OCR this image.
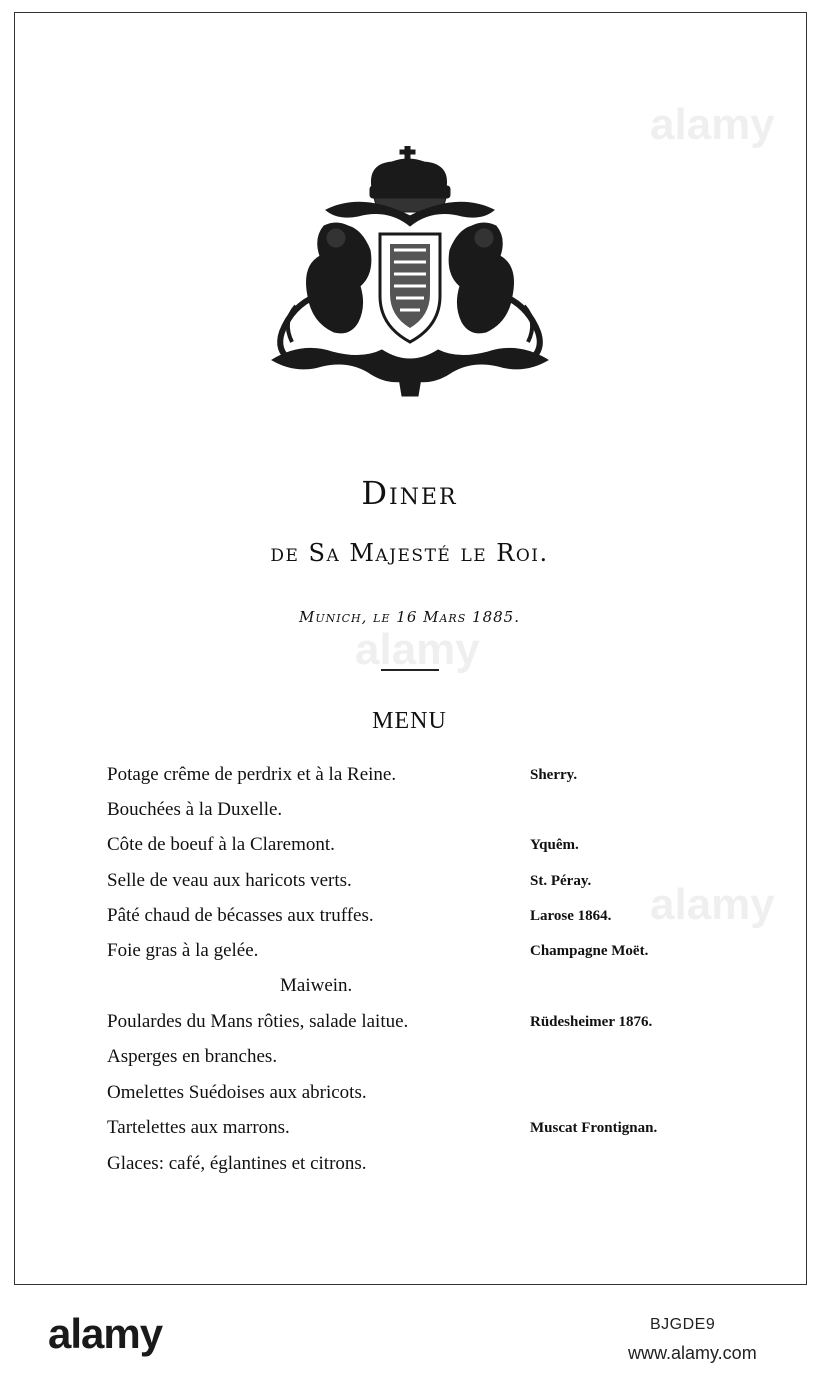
Diner
de Sa Majesté le Roi.
Munich, le 16 Mars 1885.
MENU
Potage crême de perdrix et à la Reine.	Sherry.
Bouchées à la Duxelle.
Côte de boeuf à la Claremont.	Yquêm.
Selle de veau aux haricots verts.	St. Péray.
Pâté chaud de bécasses aux truffes.	Larose 1864.
Foie gras à la gelée.	Champagne Moët.
Maiwein.
Poulardes du Mans rôties, salade laitue.	Rüdesheimer 1876.
Asperges en branches.
Omelettes Suédoises aux abricots.
Tartelettes aux marrons.	Muscat Frontignan.
Glaces: café, églantines et citrons.
alamy
alamy
alamy
alamy	BJGDE9
www.alamy.com
